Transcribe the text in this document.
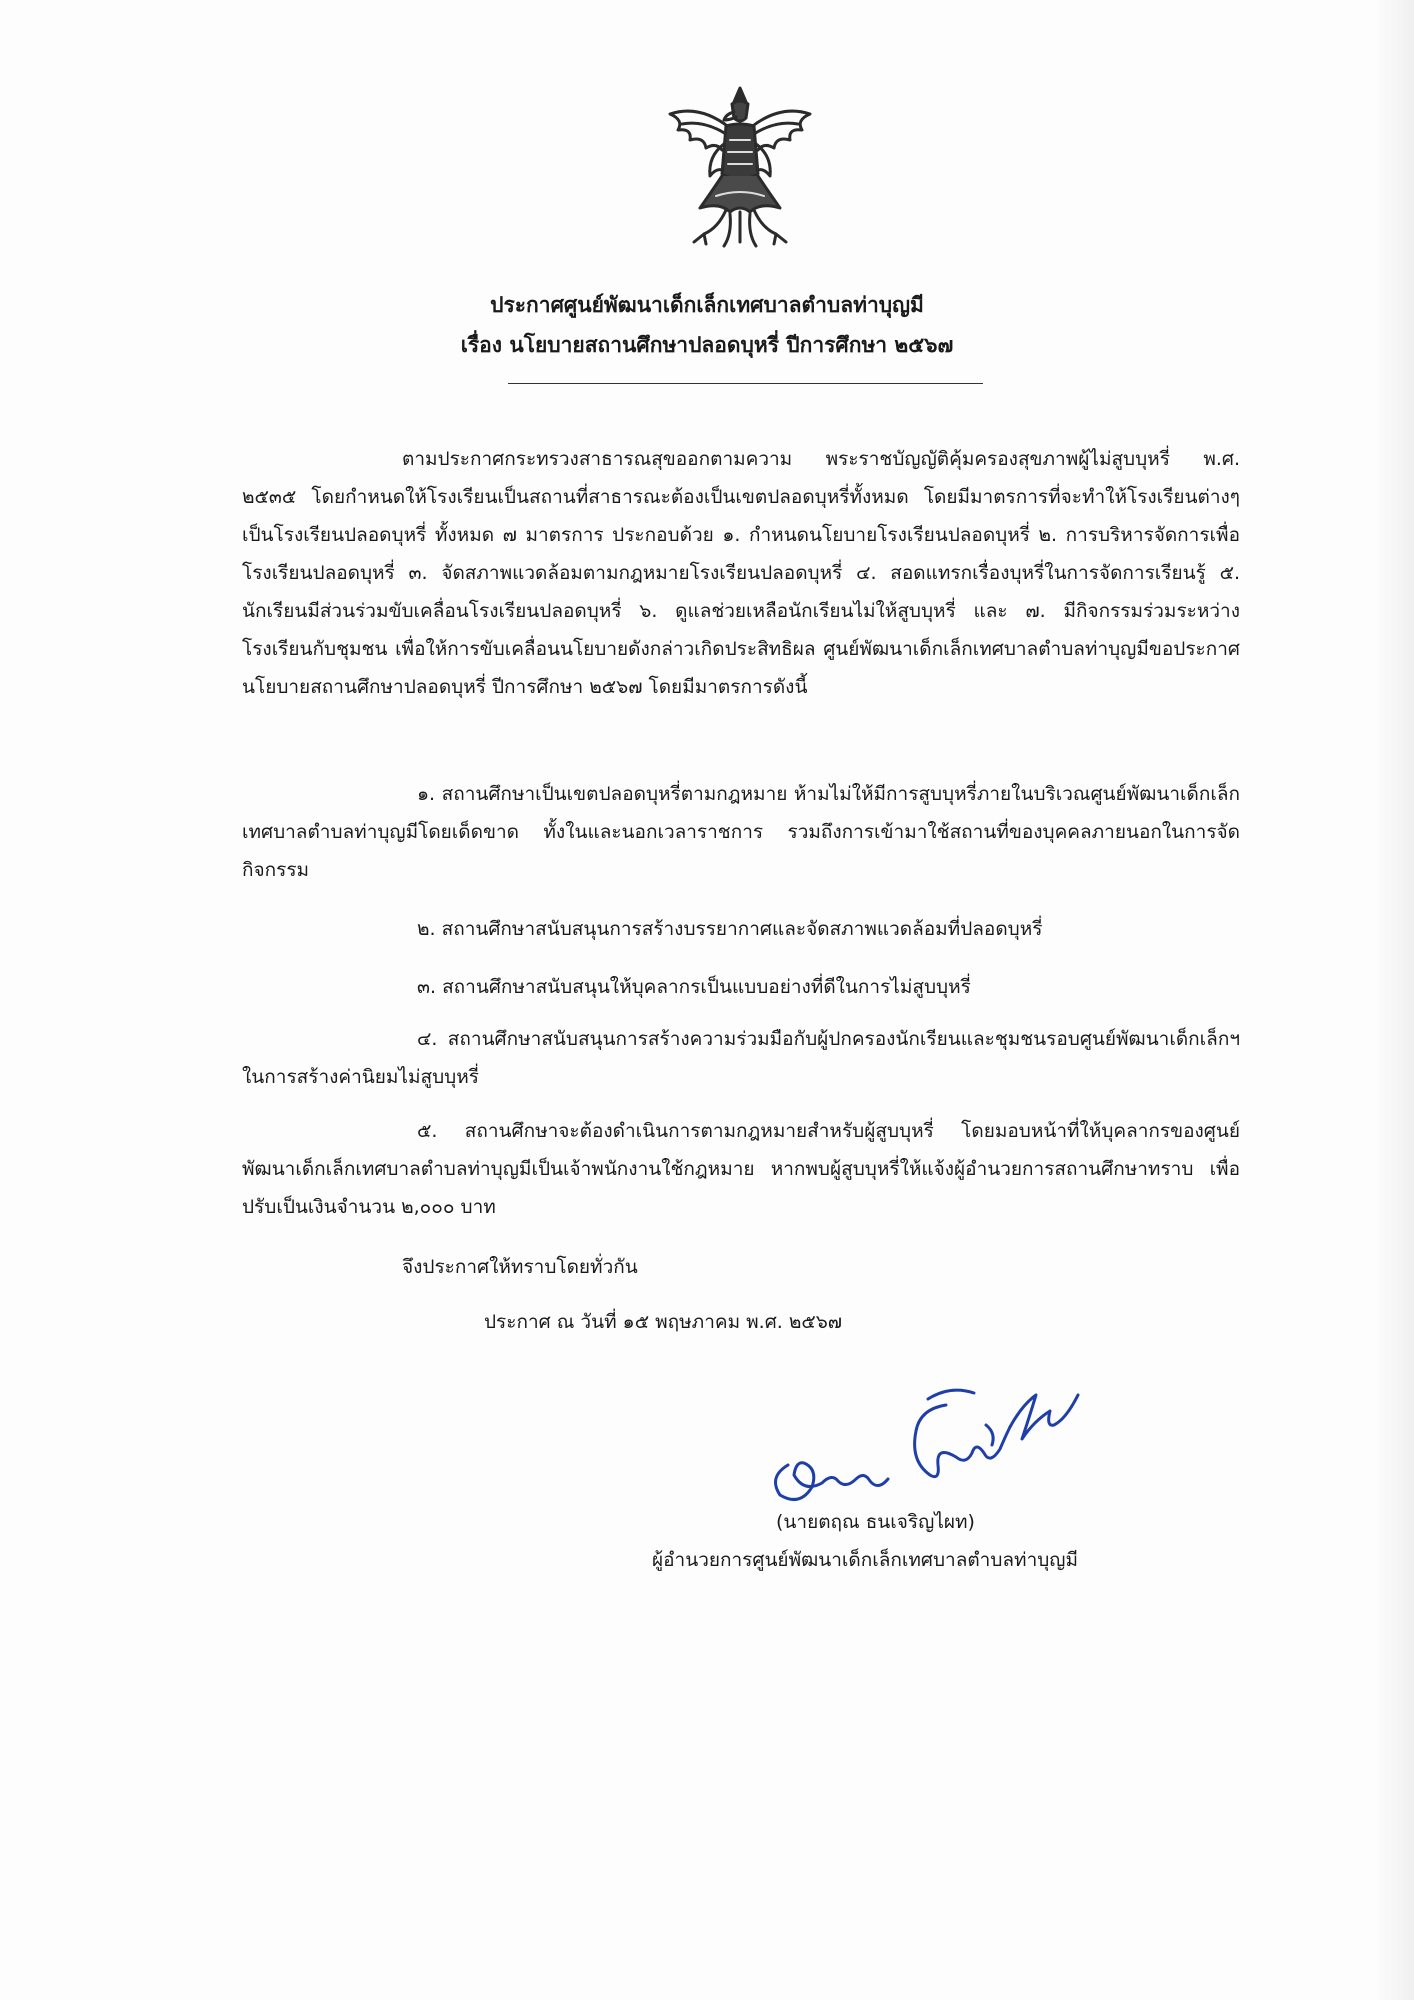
ประกาศศูนย์พัฒนาเด็กเล็กเทศบาลตำบลท่าบุญมี
เรื่อง นโยบายสถานศึกษาปลอดบุหรี่ ปีการศึกษา ๒๕๖๗

ตามประกาศกระทรวงสาธารณสุขออกตามความ พระราชบัญญัติคุ้มครองสุขภาพผู้ไม่สูบบุหรี่ พ.ศ. ๒๕๓๕ โดยกำหนดให้โรงเรียนเป็นสถานที่สาธารณะต้องเป็นเขตปลอดบุหรี่ทั้งหมด โดยมีมาตรการที่จะทำให้โรงเรียนต่างๆ เป็นโรงเรียนปลอดบุหรี่ ทั้งหมด ๗ มาตรการ ประกอบด้วย ๑. กำหนดนโยบายโรงเรียนปลอดบุหรี่ ๒. การบริหารจัดการเพื่อโรงเรียนปลอดบุหรี่ ๓. จัดสภาพแวดล้อมตามกฎหมายโรงเรียนปลอดบุหรี่ ๔. สอดแทรกเรื่องบุหรี่ในการจัดการเรียนรู้ ๕. นักเรียนมีส่วนร่วมขับเคลื่อนโรงเรียนปลอดบุหรี่ ๖. ดูแลช่วยเหลือนักเรียนไม่ให้สูบบุหรี่ และ ๗. มีกิจกรรมร่วมระหว่างโรงเรียนกับชุมชน เพื่อให้การขับเคลื่อนนโยบายดังกล่าวเกิดประสิทธิผล ศูนย์พัฒนาเด็กเล็กเทศบาลตำบลท่าบุญมีขอประกาศนโยบายสถานศึกษาปลอดบุหรี่ ปีการศึกษา ๒๕๖๗ โดยมีมาตรการดังนี้

๑. สถานศึกษาเป็นเขตปลอดบุหรี่ตามกฎหมาย ห้ามไม่ให้มีการสูบบุหรี่ภายในบริเวณศูนย์พัฒนาเด็กเล็กเทศบาลตำบลท่าบุญมีโดยเด็ดขาด ทั้งในและนอกเวลาราชการ รวมถึงการเข้ามาใช้สถานที่ของบุคคลภายนอกในการจัดกิจกรรม

๒. สถานศึกษาสนับสนุนการสร้างบรรยากาศและจัดสภาพแวดล้อมที่ปลอดบุหรี่

๓. สถานศึกษาสนับสนุนให้บุคลากรเป็นแบบอย่างที่ดีในการไม่สูบบุหรี่

๔. สถานศึกษาสนับสนุนการสร้างความร่วมมือกับผู้ปกครองนักเรียนและชุมชนรอบศูนย์พัฒนาเด็กเล็กฯ ในการสร้างค่านิยมไม่สูบบุหรี่

๕. สถานศึกษาจะต้องดำเนินการตามกฎหมายสำหรับผู้สูบบุหรี่ โดยมอบหน้าที่ให้บุคลากรของศูนย์พัฒนาเด็กเล็กเทศบาลตำบลท่าบุญมีเป็นเจ้าพนักงานใช้กฎหมาย หากพบผู้สูบบุหรี่ให้แจ้งผู้อำนวยการสถานศึกษาทราบ เพื่อปรับเป็นเงินจำนวน ๒,๐๐๐ บาท

จึงประกาศให้ทราบโดยทั่วกัน
ประกาศ ณ วันที่ ๑๕ พฤษภาคม พ.ศ. ๒๕๖๗
(นายตฤณ ธนเจริญไผท)
ผู้อำนวยการศูนย์พัฒนาเด็กเล็กเทศบาลตำบลท่าบุญมี
